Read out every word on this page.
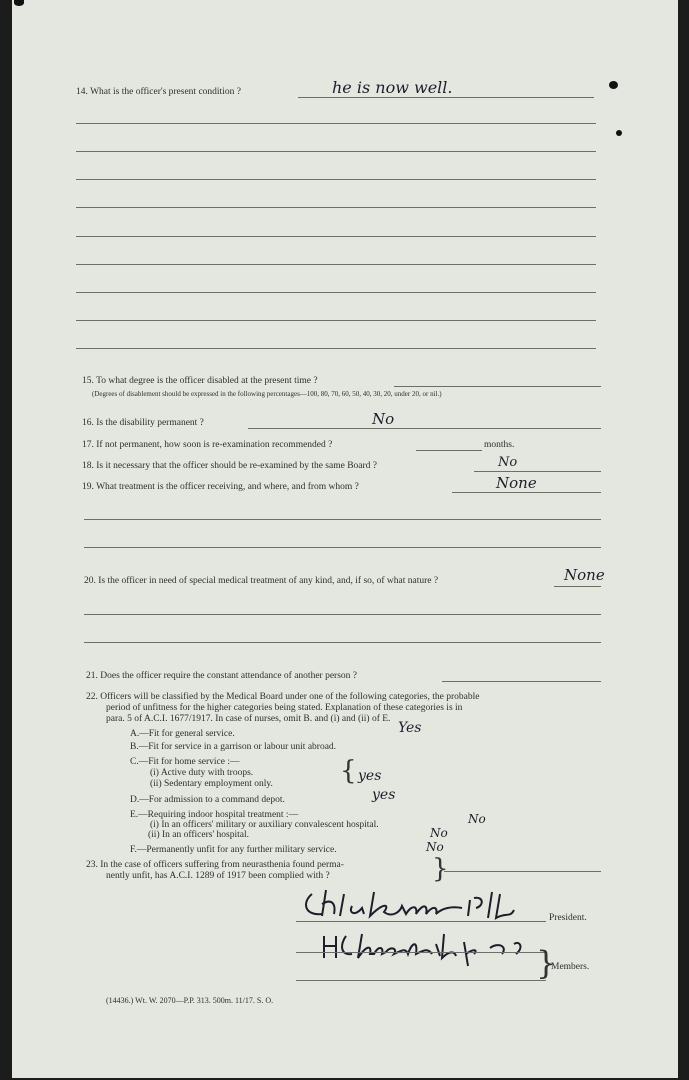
14. What is the officer's present condition ?	he is now well.
15. To what degree is the officer disabled at the present time ?
(Degrees of disablement should be expressed in the following percentages—100, 80, 70, 60, 50, 40, 30, 20, under 20, or nil.)
16. Is the disability permanent ?	No
17. If not permanent, how soon is re-examination recommended ?	months.
18. Is it necessary that the officer should be re-examined by the same Board ?	No
19. What treatment is the officer receiving, and where, and from whom ?	None
20. Is the officer in need of special medical treatment of any kind, and, if so, of what nature ?	None
21. Does the officer require the constant attendance of another person ?
22. Officers will be classified by the Medical Board under one of the following categories, the probable
period of unfitness for the higher categories being stated. Explanation of these categories is in
para. 5 of A.C.I. 1677/1917. In case of nurses, omit B. and (i) and (ii) of E.
A.—Fit for general service.	Yes
B.—Fit for service in a garrison or labour unit abroad.
C.—Fit for home service :—
(i) Active duty with troops.
(ii) Sedentary employment only.	{ yes
D.—For admission to a command depot.	yes
E.—Requiring indoor hospital treatment :—
(i) In an officers' military or auxiliary convalescent hospital.	No
(ii) In an officers' hospital.	No
F.—Permanently unfit for any further military service.	No
23. In the case of officers suffering from neurasthenia found perma-
nently unfit, has A.C.I. 1289 of 1917 been complied with ?	}
President.
}
Members.
(14436.) Wt. W. 2070—P.P. 313. 500m. 11/17. S. O.
